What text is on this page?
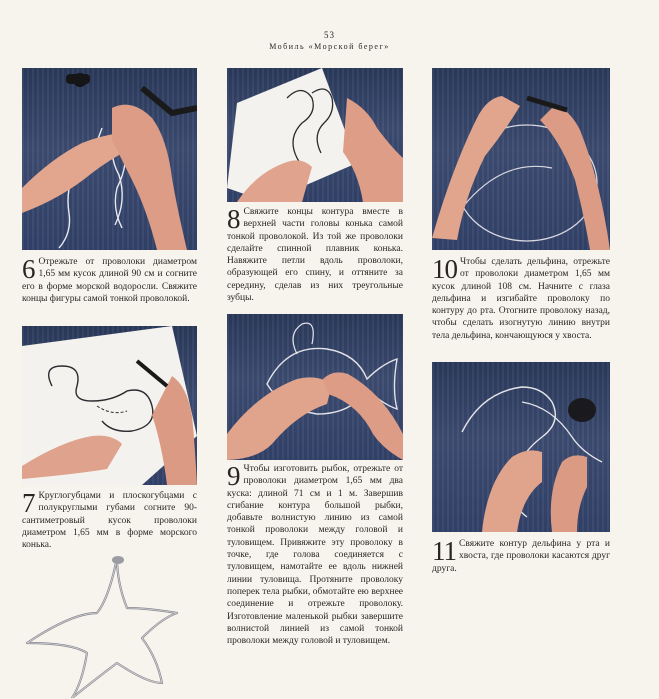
53
Мобиль «Морской берег»
6 Отрежьте от проволоки диаметром 1,65 мм кусок длиной 90 см и согните его в форме морской водоросли. Свяжите концы фигуры самой тонкой проволокой.
8 Свяжите концы контура вместе в верхней части головы конька самой тонкой проволокой. Из той же проволоки сделайте спинной плавник конька. Навяжите петли вдоль проволоки, образующей его спину, и оттяните за середину, сделав из них треугольные зубцы.
10 Чтобы сделать дельфина, отрежьте от проволоки диаметром 1,65 мм кусок длиной 108 см. Начните с глаза дельфина и изгибайте проволоку по контуру до рта. Отогните проволоку назад, чтобы сделать изогнутую линию внутри тела дельфина, кончающуюся у хвоста.
7 Круглогубцами и плоскогубцами с полукруглыми губами согните 90-сантиметровый кусок проволоки диаметром 1,65 мм в форме морского конька.
9 Чтобы изготовить рыбок, отрежьте от проволоки диаметром 1,65 мм два куска: длиной 71 см и 1 м. Завершив сгибание контура большой рыбки, добавьте волнистую линию из самой тонкой проволоки между головой и туловищем. Привяжите эту проволоку в точке, где голова соединяется с туловищем, намотайте ее вдоль нижней линии туловища. Протяните проволоку поперек тела рыбки, обмотайте ею верхнее соединение и отрежьте проволоку. Изготовление маленькой рыбки завершите волнистой линией из самой тонкой проволоки между головой и туловищем.
11 Свяжите контур дельфина у рта и хвоста, где проволоки касаются друг друга.
